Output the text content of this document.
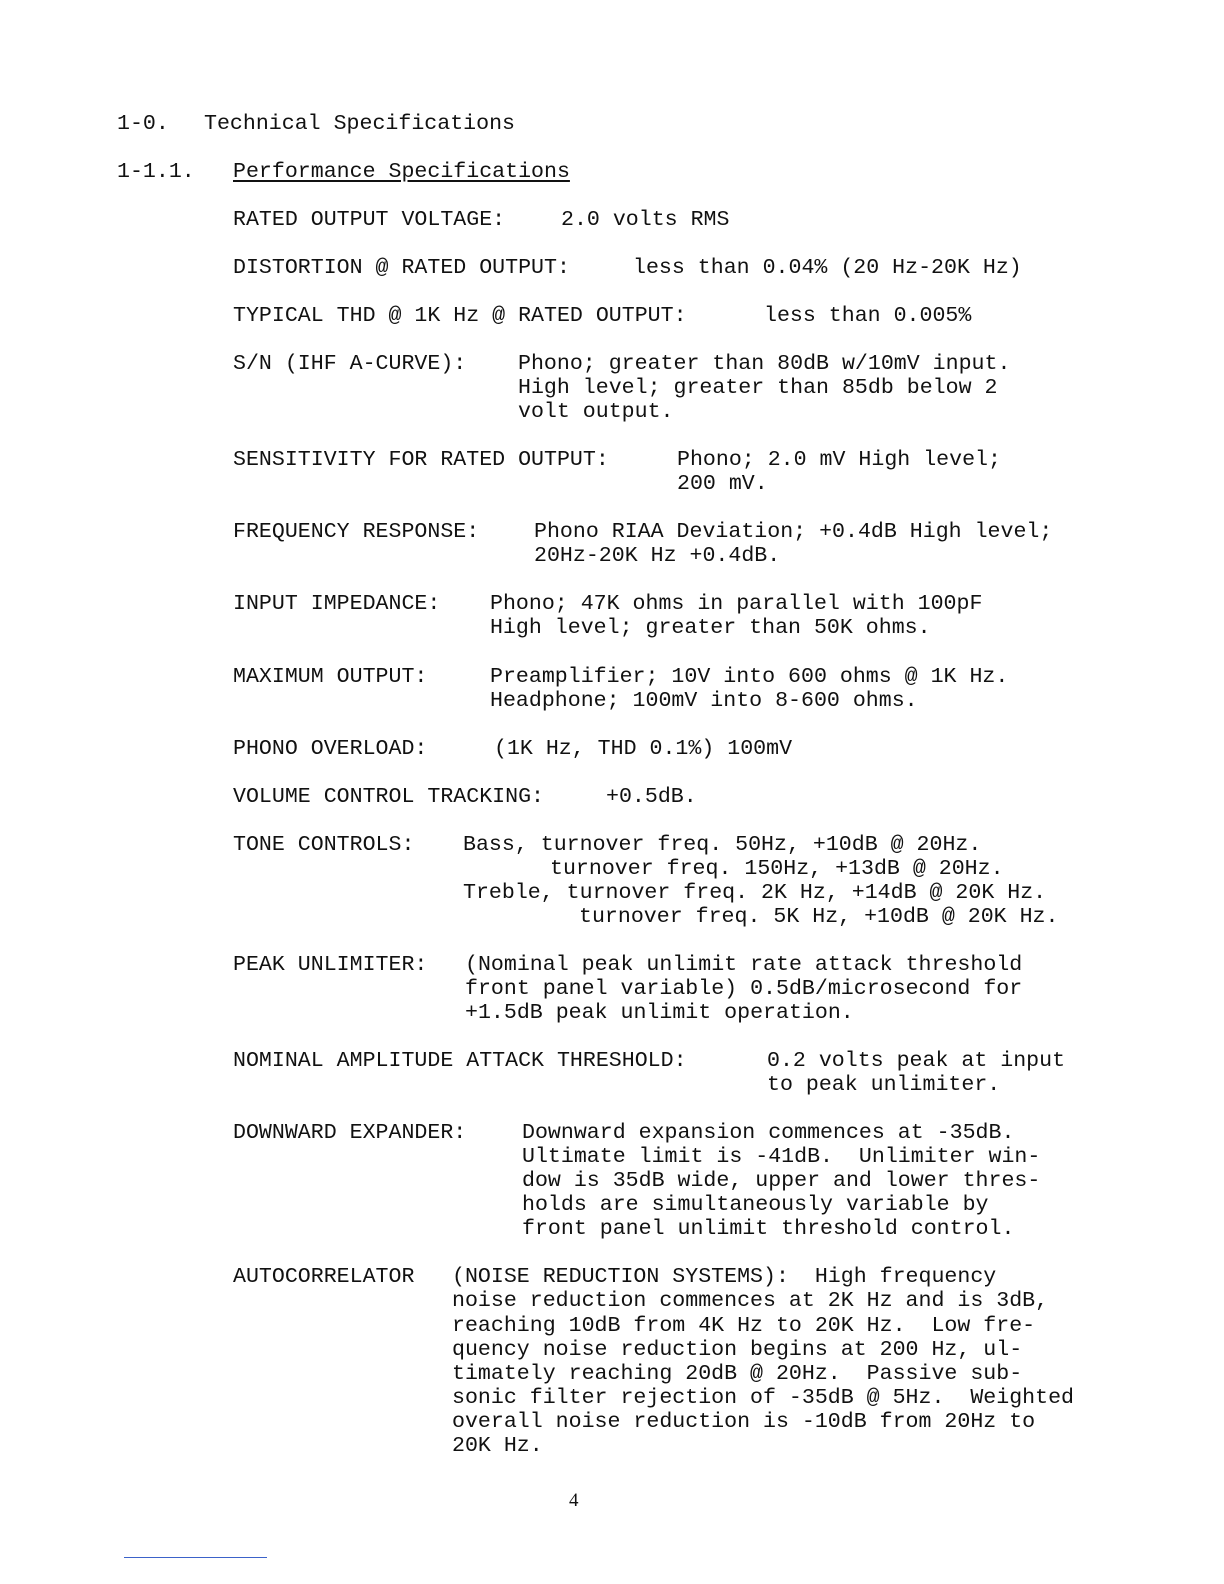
1-0. Technical Specifications
1-1.1. Performance Specifications
RATED OUTPUT VOLTAGE:	2.0 volts RMS
DISTORTION @ RATED OUTPUT:	less than 0.04% (20 Hz-20K Hz)
TYPICAL THD @ 1K Hz @ RATED OUTPUT:	less than 0.005%
S/N (IHF A-CURVE): Phono; greater than 80dB w/10mV input.
High level; greater than 85db below 2
volt output.
SENSITIVITY FOR RATED OUTPUT:	Phono; 2.0 mV High level;
200 mV.
FREQUENCY RESPONSE:	Phono RIAA Deviation; +0.4dB High level;
20Hz-20K Hz +0.4dB.
INPUT IMPEDANCE: Phono; 47K ohms in parallel with 100pF
High level; greater than 50K ohms.
MAXIMUM OUTPUT:	Preamplifier; 10V into 600 ohms @ 1K Hz.
Headphone; 100mV into 8-600 ohms.
PHONO OVERLOAD:	(1K Hz, THD 0.1%) 100mV
VOLUME CONTROL TRACKING:	+0.5dB.
TONE CONTROLS: Bass, turnover freq. 50Hz, +10dB @ 20Hz.
turnover freq. 150Hz, +13dB @ 20Hz.
Treble, turnover freq. 2K Hz, +14dB @ 20K Hz.
turnover freq. 5K Hz, +10dB @ 20K Hz.
PEAK UNLIMITER: (Nominal peak unlimit rate attack threshold
front panel variable) 0.5dB/microsecond for
+1.5dB peak unlimit operation.
NOMINAL AMPLITUDE ATTACK THRESHOLD:	0.2 volts peak at input
to peak unlimiter.
DOWNWARD EXPANDER:	Downward expansion commences at -35dB.
Ultimate limit is -41dB.  Unlimiter win-
dow is 35dB wide, upper and lower thres-
holds are simultaneously variable by
front panel unlimit threshold control.
AUTOCORRELATOR (NOISE REDUCTION SYSTEMS):  High frequency
noise reduction commences at 2K Hz and is 3dB,
reaching 10dB from 4K Hz to 20K Hz.  Low fre-
quency noise reduction begins at 200 Hz, ul-
timately reaching 20dB @ 20Hz.  Passive sub-
sonic filter rejection of -35dB @ 5Hz.  Weighted
overall noise reduction is -10dB from 20Hz to
20K Hz.
4
